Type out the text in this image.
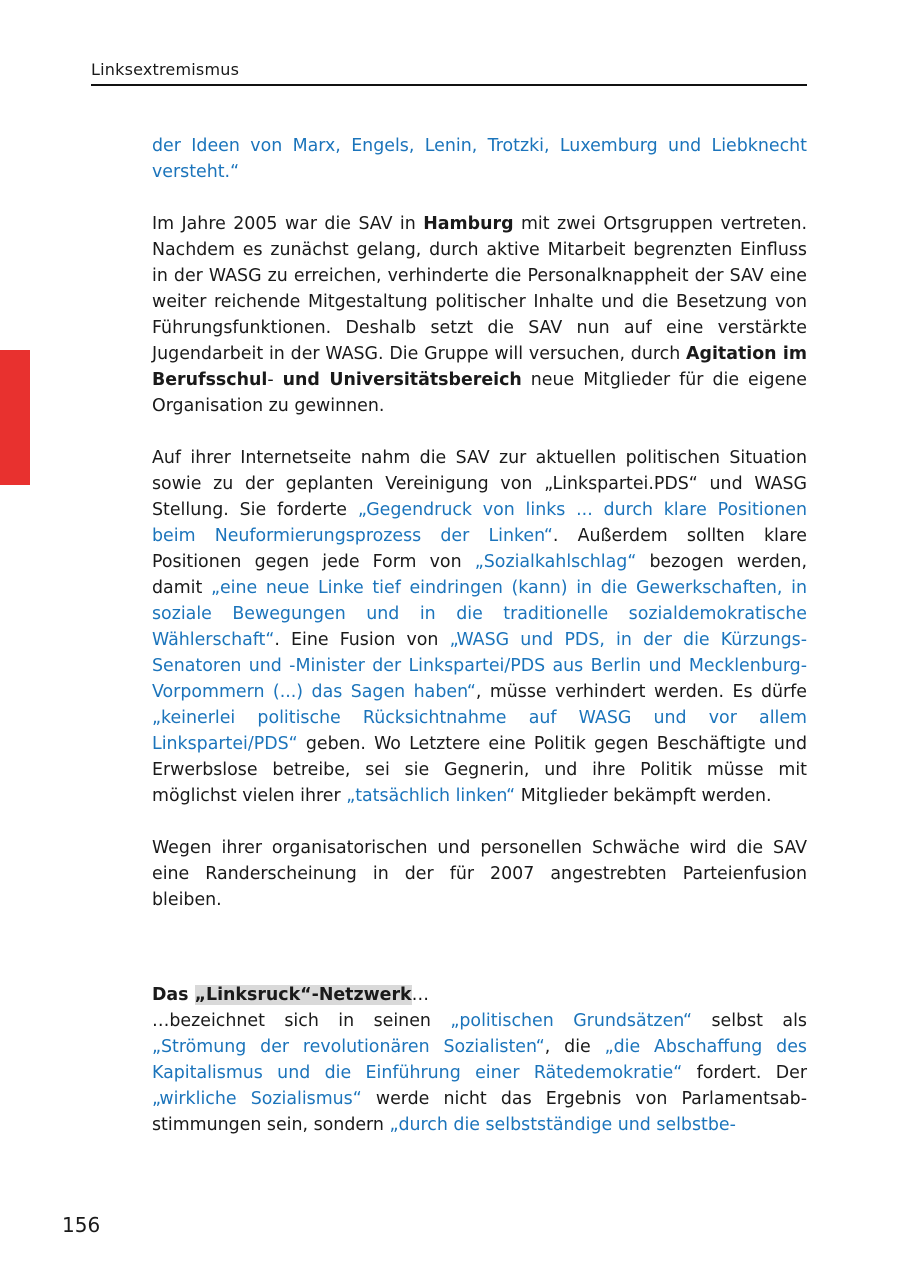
Linksextremismus

der Ideen von Marx, Engels, Lenin, Trotzki, Luxemburg und Liebknecht versteht.“

Im Jahre 2005 war die SAV in Hamburg mit zwei Ortsgruppen vertreten. Nachdem es zunächst gelang, durch aktive Mitarbeit begrenzten Einfluss in der WASG zu erreichen, verhinderte die Personalknappheit der SAV eine weiter reichende Mitgestaltung politischer Inhalte und die Besetzung von Führungsfunktionen. Deshalb setzt die SAV nun auf eine verstärkte Jugendarbeit in der WASG. Die Gruppe will versuchen, durch Agitation im Berufsschul- und Universitätsbereich neue Mitglieder für die eigene Organisation zu gewinnen.

Auf ihrer Internetseite nahm die SAV zur aktuellen politischen Situation sowie zu der geplanten Vereinigung von „Linkspartei.PDS“ und WASG Stellung. Sie forderte „Gegendruck von links ... durch klare Positionen beim Neuformierungsprozess der Linken“. Außerdem sollten klare Positionen gegen jede Form von „Sozialkahlschlag“ bezogen werden, damit „eine neue Linke tief eindringen (kann) in die Gewerkschaften, in soziale Bewegungen und in die traditionelle sozialdemokratische Wählerschaft“. Eine Fusion von „WASG und PDS, in der die Kürzungs-Senatoren und -Minister der Linkspartei/PDS aus Berlin und Mecklenburg-Vorpommern (...) das Sagen haben“, müsse verhindert werden. Es dürfe „keinerlei politische Rücksichtnahme auf WASG und vor allem Linkspartei/PDS“ geben. Wo Letztere eine Politik gegen Beschäftigte und Erwerbslose betreibe, sei sie Gegnerin, und ihre Politik müsse mit möglichst vielen ihrer „tatsächlich linken“ Mitglieder bekämpft werden.

Wegen ihrer organisatorischen und personellen Schwäche wird die SAV eine Randerscheinung in der für 2007 angestrebten Parteienfusion bleiben.

Das „Linksruck“-Netzwerk…

…bezeichnet sich in seinen „politischen Grundsätzen“ selbst als „Strömung der revolutionären Sozialisten“, die „die Abschaffung des Kapitalismus und die Einführung einer Rätedemokratie“ fordert. Der „wirkliche Sozialismus“ werde nicht das Ergebnis von Parlamentsabstimmungen sein, sondern „durch die selbstständige und selbstbe-

156
